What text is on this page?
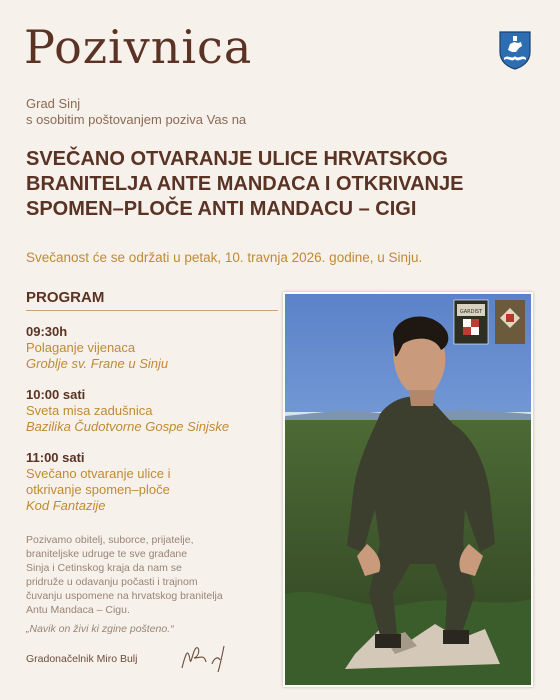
Pozivnica
Grad Sinj
s osobitim poštovanjem poziva Vas na
SVEČANO OTVARANJE ULICE HRVATSKOG
BRANITELJA ANTE MANDACA I OTKRIVANJE
SPOMEN–PLOČE ANTI MANDACU – CIGI
Svečanost će se održati u petak, 10. travnja 2026. godine, u Sinju.
PROGRAM
09:30h
Polaganje vijenaca
Groblje sv. Frane u Sinju
10:00 sati
Sveta misa zadušnica
Bazilika Čudotvorne Gospe Sinjske
11:00 sati
Svečano otvaranje ulice i
otkrivanje spomen–ploče
Kod Fantazije
Pozivamo obitelj, suborce, prijatelje,
braniteljske udruge te sve građane
Sinja i Cetinskog kraja da nam se
pridruže u odavanju počasti i trajnom
čuvanju uspomene na hrvatskog branitelja
Antu Mandaca – Cigu.
„Navik on živi ki zgine pošteno.“
Gradonačelnik Miro Bulj
GARDIST
